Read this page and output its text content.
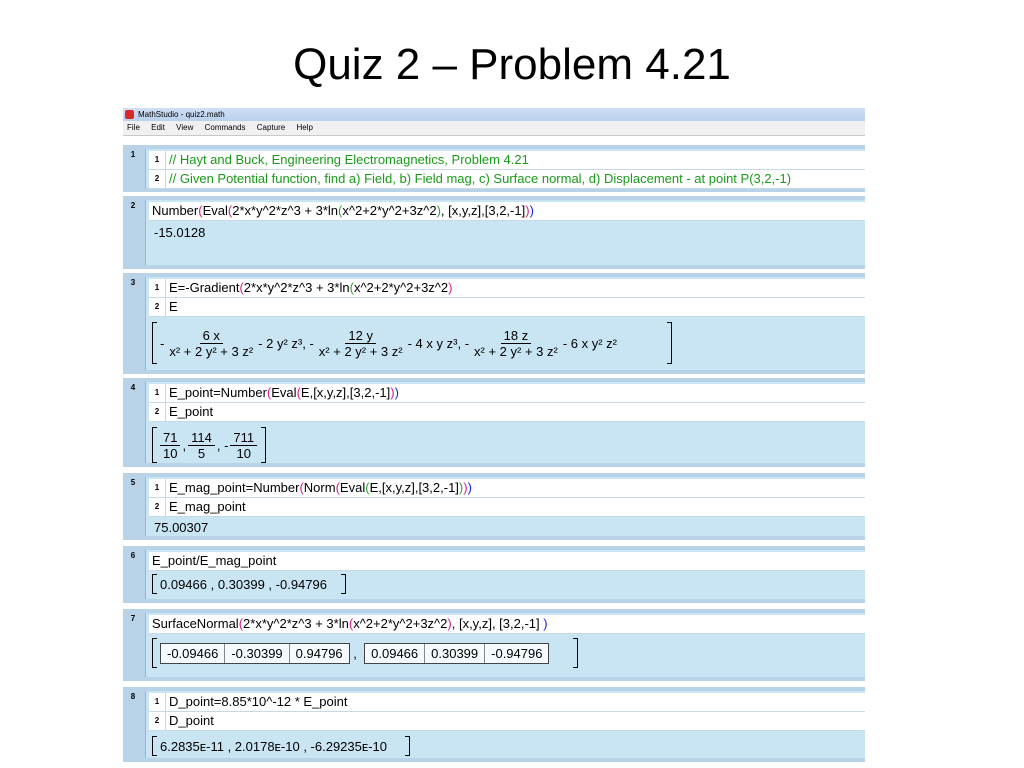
Quiz 2 – Problem 4.21
MathStudio - quiz2.math
File Edit View Commands Capture Help
1
1 // Hayt and Buck, Engineering Electromagnetics, Problem 4.21
2 // Given Potential function, find a) Field, b) Field mag, c) Surface normal, d) Displacement - at point P(3,2,-1)
2	Number(Eval(2*x*y^2*z^3 + 3*ln(x^2+2*y^2+3z^2), [x,y,z],[3,2,-1]))
-15.0128
3
1 E=-Gradient(2*x*y^2*z^3 + 3*ln(x^2+2*y^2+3z^2)
2 E
- $\frac{6 x}{\text{x² + 2 y² + 3 z²}} - 2$ y² z³,
- $\frac{12 y}{\text{x² + 2 y² + 3 z²}} - 4$ x y z³,
- $\frac{18 z}{\text{x² + 2 y² + 3 z²}} - 6$ x y² z²
4
1 E_point=Number(Eval(E,[x,y,z],[3,2,-1]))
2 E_point
$\frac{71}{10}$ , $\frac{114}{5}$ ,
- $\frac{711}{10}$
5
1 E_mag_point=Number(Norm(Eval(E,[x,y,z],[3,2,-1])))
2 E_mag_point
75.00307
6	E_point/E_mag_point
0.09466 , 0.30399 , -0.94796
7	SurfaceNormal(2*x*y^2*z^3 + 3*ln(x^2+2*y^2+3z^2), [x,y,z], [3,2,-1] )
-0.09466	-0.30399	0.94796
,
	0.09466	0.30399	-0.94796
8
1 D_point=8.85*10^-12 * E_point
2 D_point
6.2835ᴇ-11 , 2.0178ᴇ-10 , -6.29235ᴇ-10
